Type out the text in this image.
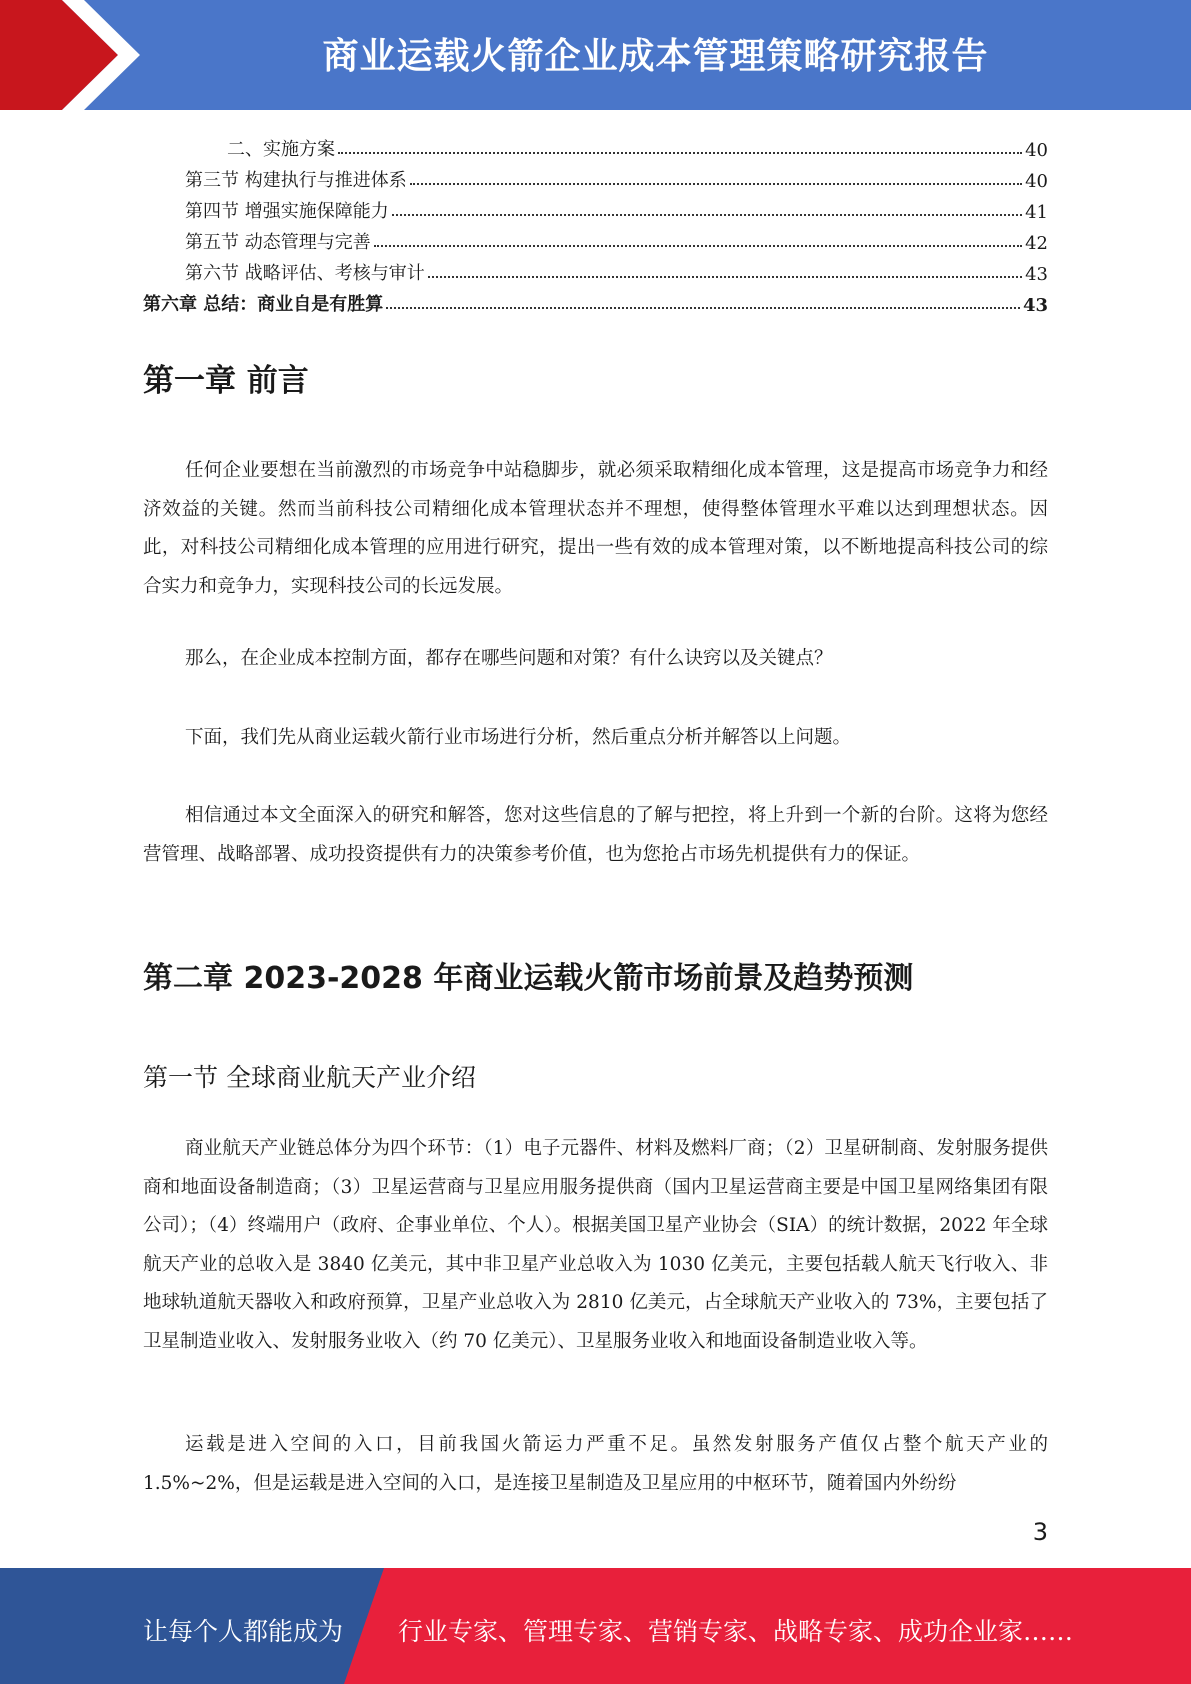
商业运载火箭企业成本管理策略研究报告
二、实施方案	40
第三节 构建执行与推进体系	40
第四节 增强实施保障能力	41
第五节 动态管理与完善	42
第六节 战略评估、考核与审计	43
第六章 总结：商业自是有胜算	43
第一章 前言

任何企业要想在当前激烈的市场竞争中站稳脚步，就必须采取精细化成本管理，这是提高市场竞争力和经济效益的关键。然而当前科技公司精细化成本管理状态并不理想，使得整体管理水平难以达到理想状态。因此，对科技公司精细化成本管理的应用进行研究，提出一些有效的成本管理对策，以不断地提高科技公司的综合实力和竞争力，实现科技公司的长远发展。

那么，在企业成本控制方面，都存在哪些问题和对策？有什么诀窍以及关键点？

下面，我们先从商业运载火箭行业市场进行分析，然后重点分析并解答以上问题。

相信通过本文全面深入的研究和解答，您对这些信息的了解与把控，将上升到一个新的台阶。这将为您经营管理、战略部署、成功投资提供有力的决策参考价值，也为您抢占市场先机提供有力的保证。

第二章 2023-2028 年商业运载火箭市场前景及趋势预测
第一节 全球商业航天产业介绍

商业航天产业链总体分为四个环节：（1）电子元器件、材料及燃料厂商；（2）卫星研制商、发射服务提供商和地面设备制造商；（3）卫星运营商与卫星应用服务提供商（国内卫星运营商主要是中国卫星网络集团有限公司）；（4）终端用户（政府、企事业单位、个人）。根据美国卫星产业协会（SIA）的统计数据，2022 年全球航天产业的总收入是 3840 亿美元，其中非卫星产业总收入为 1030 亿美元，主要包括载人航天飞行收入、非地球轨道航天器收入和政府预算，卫星产业总收入为 2810 亿美元，占全球航天产业收入的 73%，主要包括了卫星制造业收入、发射服务业收入（约 70 亿美元）、卫星服务业收入和地面设备制造业收入等。

运载是进入空间的入口，目前我国火箭运力严重不足。虽然发射服务产值仅占整个航天产业的 1.5%~2%，但是运载是进入空间的入口，是连接卫星制造及卫星应用的中枢环节，随着国内外纷纷

3
让每个人都能成为 行业专家、管理专家、营销专家、战略专家、成功企业家……
